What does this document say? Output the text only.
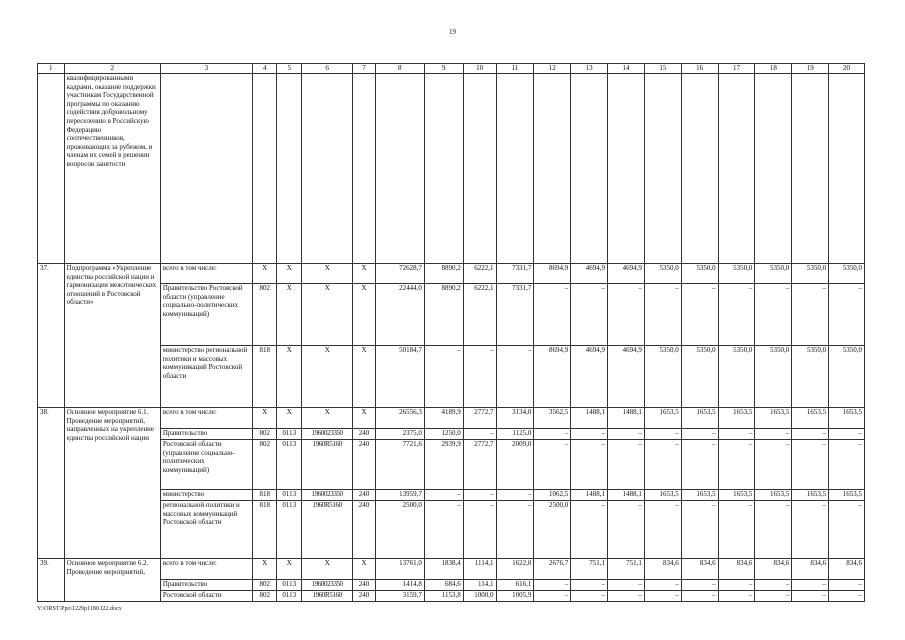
19
1	2	3	4	5	6	7	8	9	10	11	12	13	14	15	16	17	18	19	20
	квалифицированными кадрами, оказание поддержки участникам Государственной программы по оказанию содействия добровольному переселению в Российскую Федерацию соотечественников, проживающих за рубежом, и членам их семей в решении вопросов занятости																		
37.	Подпрограмма «Укрепление единства российской нации и гармонизация межэтнических отношений в Ростовской области»	всего в том числе:	Х	Х	Х	Х	72628,7	8890,2	6222,1	7331,7	8694,9	4694,9	4694,9	5350,0	5350,0	5350,0	5350,0	5350,0	5350,0
		Правительство Ростовской области (управление социально-политических коммуникаций)	802	Х	Х	Х	22444,0	8890,2	6222,1	7331,7	–	–	–	–	–	–	–	–	–
		министерство региональной политики и массовых коммуникаций Ростовской области	818	Х	Х	Х	50184,7	–	–	–	8694,9	4694,9	4694,9	5350,0	5350,0	5350,0	5350,0	5350,0	5350,0
38.	Основное мероприятие 6.1. Проведение мероприятий, направленных на укрепление единства российской нации	всего в том числе:	Х	Х	Х	Х	26556,3	4189,9	2772,7	3134,0	3562,5	1488,1	1488,1	1653,5	1653,5	1653,5	1653,5	1653,5	1653,5
		Правительство	802	0113	1960023350	240	2375,0	1250,0	–	1125,0	–	–	–	–	–	–	–	–	–
		Ростовской области (управление социально-политических коммуникаций)	802	0113	1960R5160	240	7721,6	2939,9	2772,7	2009,0	–	–	–	–	–	–	–	–	–
		министерство	818	0113	1960023350	240	13959,7	–	–	–	1062,5	1488,1	1488,1	1653,5	1653,5	1653,5	1653,5	1653,5	1653,5
		региональной политики и массовых коммуникаций Ростовской области	818	0113	1960R5160	240	2500,0	–	–	–	2500,0	–	–	–	–	–	–	–	–
39.	Основное мероприятие 6.2. Проведение мероприятий,	всего в том числе:	Х	Х	Х	Х	13761,0	1838,4	1114,1	1622,0	2676,7	751,1	751,1	834,6	834,6	834,6	834,6	834,6	834,6
		Правительство	802	0113	1960023350	240	1414,8	684,6	114,1	616,1	–	–	–	–	–	–	–	–	–
		Ростовской области	802	0113	1960R5160	240	3159,7	1153,8	1000,0	1005,9	–	–	–	–	–	–	–	–	–
Y:\ORST\Ppo\1229p1180.f22.docx
